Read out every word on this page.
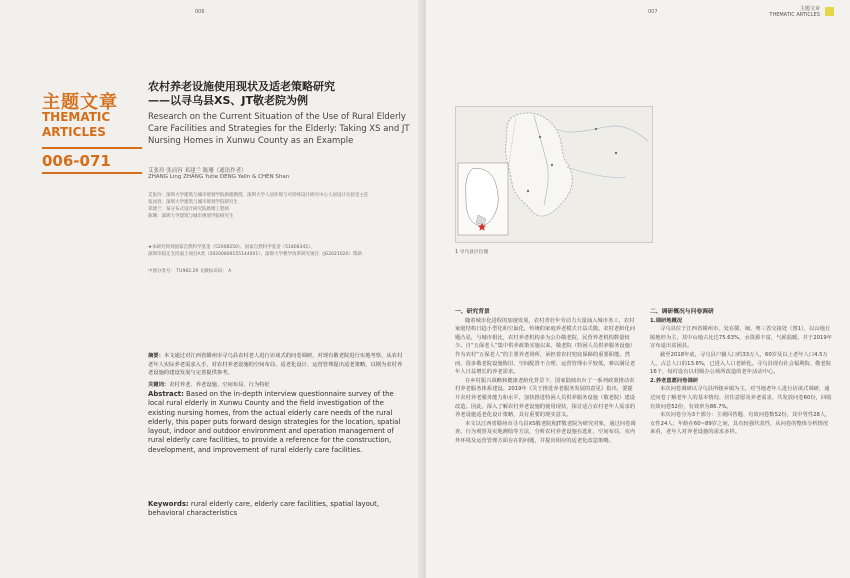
006
主题文章
THEMATIC
ARTICLES
006-071
农村养老设施使用现状及适老策略研究
——以寻乌县XS、JT敬老院为例
Research on the Current Situation of the Use of Rural Elderly Care Facilities and Strategies for the Elderly: Taking XS and JT Nursing Homes in Xunwu County as an Example
艾张玲 张而容 邓建兰 陈珊（通讯作者）
ZHANG Ling ZHANG Yutie DENG Yalin & CHEN Shan
艾张玲：深圳大学建筑与城市规划学院助理教授，深圳大学人居环境与可持续设计研究中心人居设计实验室主任
张而容：深圳大学建筑与城市规划学院研究生
邓建兰：某分布式设计研究院助理工程师
陈珊：深圳大学建筑与城市规划学院研究生
★本研究得到国家自然科学基金（52008250）、国家自然科学基金（51808345）、
深圳市稳定支持面上项目A类（20200809155144001）、深圳大学教学改革研究项目（JG2021020）资助
中图分类号： TU982.29 文献标识码： A
摘要：本文通过对江西省赣州市寻乌县农村老人进行访谈式的问卷调研，对现有敬老院进行实地考察，从农村老年人实际养老需求入手，对农村养老设施的空间布局、适老化设计、运营管理提出适老策略，以期为农村养老设施的建设发展与完善提供参考。
关键词：农村养老、养老设施、空间布局、行为特征
Abstract: Based on the in-depth interview questionnaire survey of the local rural elderly in Xunwu County and the field investigation of the existing nursing homes, from the actual elderly care needs of the rural elderly, this paper puts forward design strategies for the location, spatial layout, indoor and outdoor environment and operation management of rural elderly care facilities, to provide a reference for the construction, development, and improvement of rural elderly care facilities.
Keywords: rural elderly care, elderly care facilities, spatial layout, behavioral characteristics
007	主题文章
THEMATIC ARTICLES
1 寻乌县区位图
一、研究背景

随着城市化进程的加速发展，农村青壮年劳动力大量涌入城市务工，农村家庭结构日趋小型化和空巢化，传统的家庭养老模式日益式微。农村老龄化问题凸显，与城市相比，农村养老机构多为公办敬老院，民营养老机构数量较少。自“五保老人”集中供养政策实施以来，敬老院（特困人员供养服务设施）作为农村“五保老人”的主要养老场所，承担着农村兜底保障的重要职能。然而，很多敬老院设施陈旧、空间配置不合理、运营管理水平较低，难以满足老年人日益增长的养老需求。

在乡村振兴战略和健康老龄化背景下，国家陆续出台了一系列政策推动农村养老服务体系建设。2019年《关于推进养老服务发展的意见》指出，要提升农村养老服务能力和水平，加快推进特困人员供养服务设施（敬老院）建设改造。因此，深入了解农村养老设施的使用现状，探讨适合农村老年人需求的养老设施适老化设计策略，具有重要的现实意义。

本文以江西省赣州市寻乌县XS敬老院和JT敬老院为研究对象，通过问卷调查、行为观察及实地测绘等方法，分析农村养老设施在选址、空间布局、室内外环境及运营管理方面存在的问题，并提出相应的适老化改造策略。

二、调研概况与问卷调研
1.调研地概况

寻乌县位于江西省赣州市，处在赣、闽、粤三省交接处（图1），以山地丘陵地形为主，其中山地占比达75.63%，水资源丰富，气候温暖，并于2019年宣布退出贫困县。

截至2018年底，寻乌县户籍人口约33万人，60岁及以上老年人口4.5万人，占总人口的13.6%，已进入人口老龄化。寻乌县现有社会福利院、敬老院16个，每村设有以村级办公场所改造的老年活动中心。

2.养老意愿问卷调研

本次问卷调研以寻乌县所辖乡镇为主，对当地老年人进行访谈式调研，通过问卷了解老年人的基本情况、居住意愿及养老需求，共发放问卷60份，回收有效问卷52份，有效率为86.7%。

本次问卷分为3个部分：主观回答题、有效问卷数52份，其中男性28人，女性24人；年龄在60~89岁之间，具有较强代表性，从问卷的整体分析情况来看，老年人对养老设施的需求多样。
